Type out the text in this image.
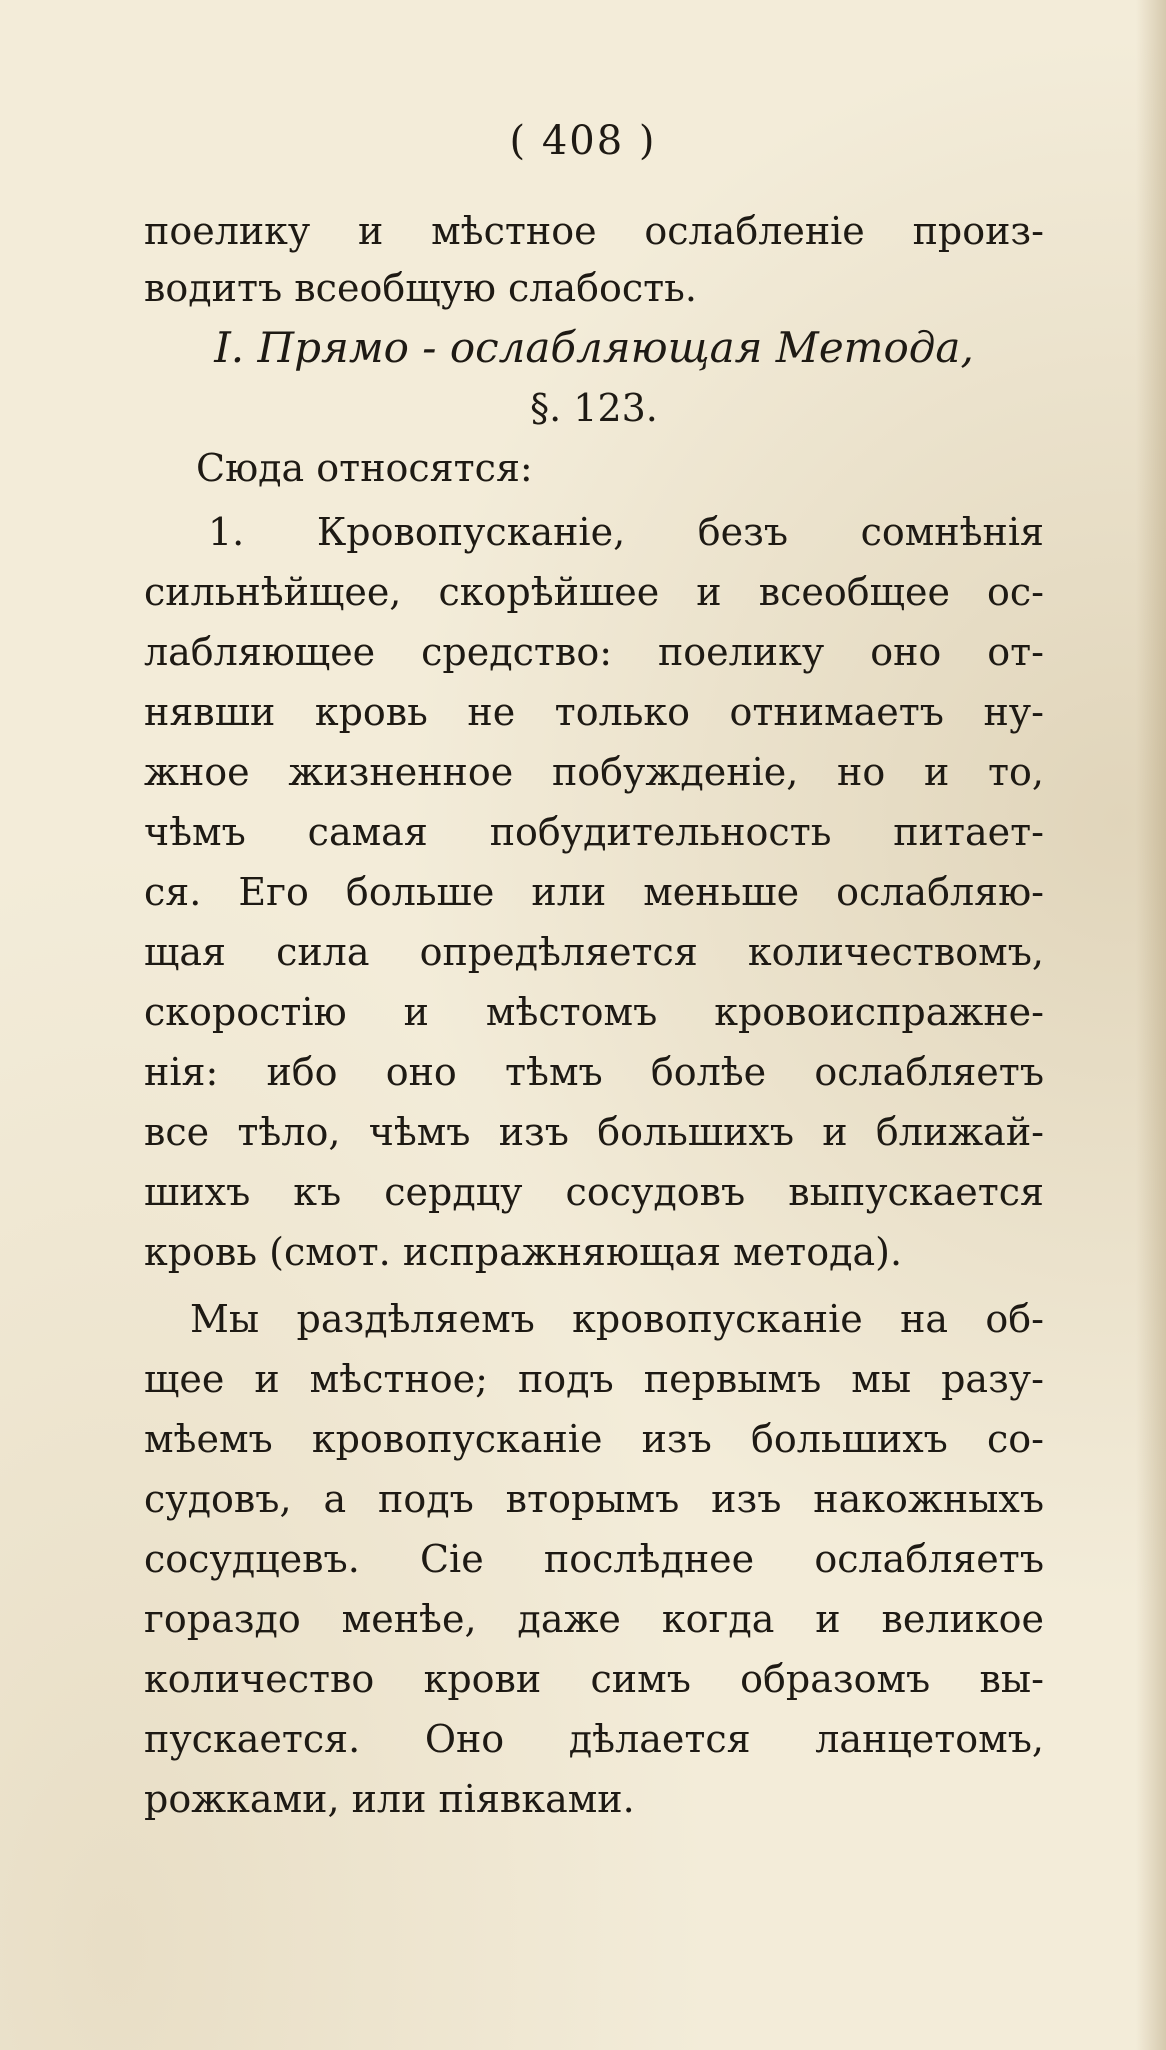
( 408 )
поелику и мѣстное ослабленіе произ-
водитъ всеобщую слабость.
I. Прямо - ослабляющая Метода,
§. 123.
Сюда относятся:
1. Кровопусканіе, безъ сомнѣнія
сильнѣйщее, скорѣйшее и всеобщее ос-
лабляющее средство: поелику оно от-
нявши кровь не только отнимаетъ ну-
жное жизненное побужденіе, но и то,
чѣмъ самая побудительность питает-
ся. Его больше или меньше ослабляю-
щая сила опредѣляется количествомъ,
скоростію и мѣстомъ кровоиспражне-
нія: ибо оно тѣмъ болѣе ослабляетъ
все тѣло, чѣмъ изъ большихъ и ближай-
шихъ къ сердцу сосудовъ выпускается
кровь (смот. испражняющая метода).
Мы раздѣляемъ кровопусканіе на об-
щее и мѣстное; подъ первымъ мы разу-
мѣемъ кровопусканіе изъ большихъ со-
судовъ, а подъ вторымъ изъ накожныхъ
сосудцевъ. Сіе послѣднее ослабляетъ
гораздо менѣе, даже когда и великое
количество крови симъ образомъ вы-
пускается. Оно дѣлается ланцетомъ,
рожками, или піявками.
